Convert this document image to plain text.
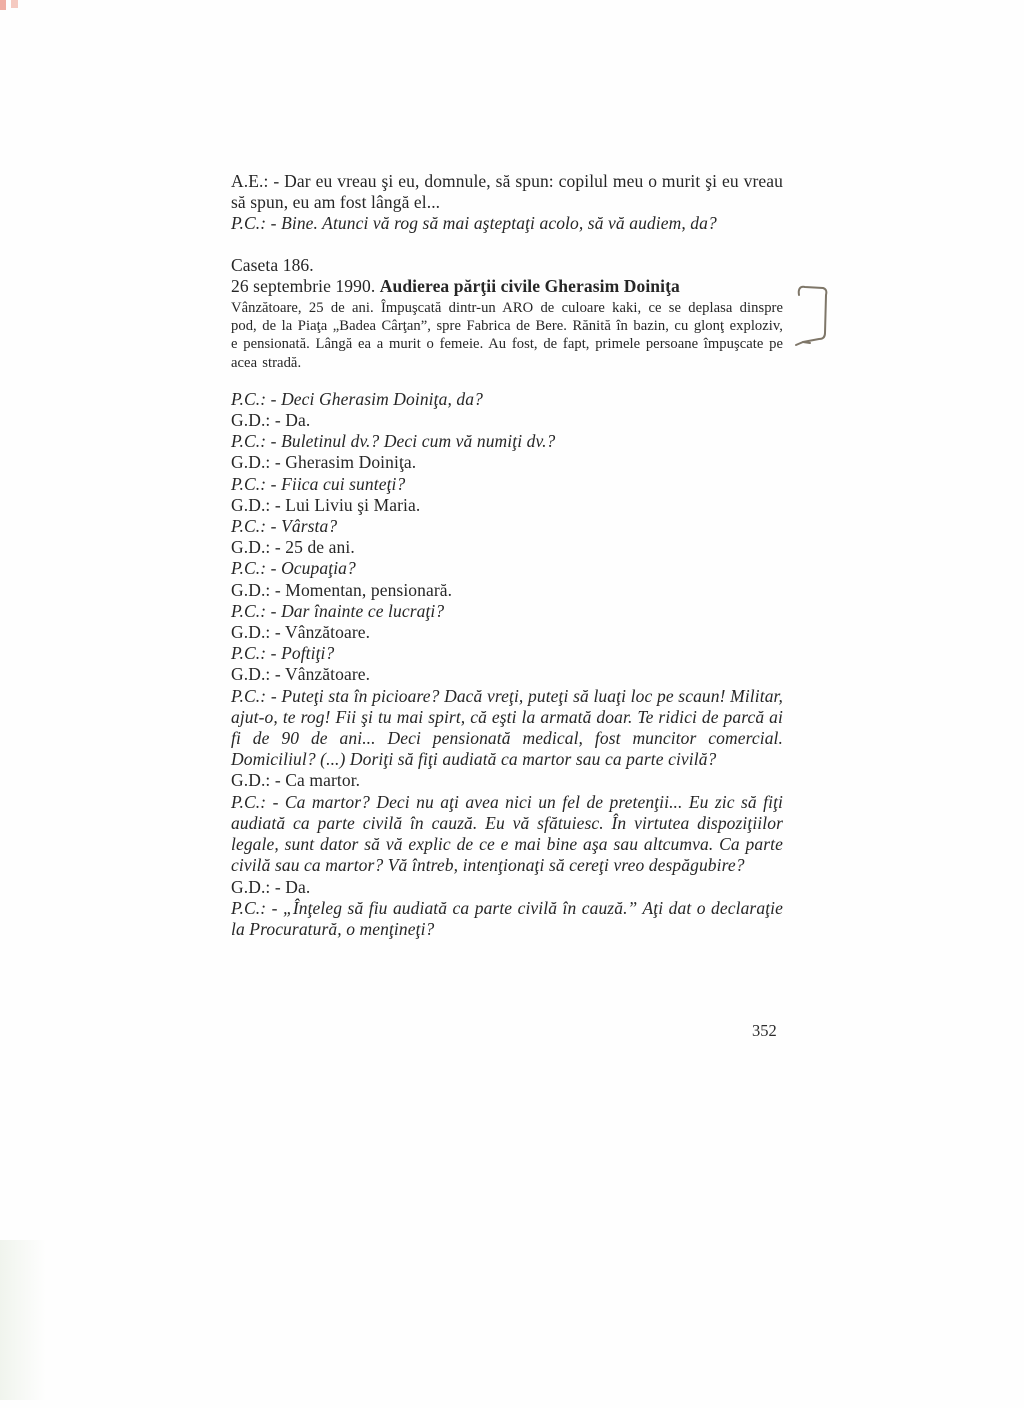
A.E.: - Dar eu vreau şi eu, domnule, să spun: copilul meu o murit şi eu vreau să spun, eu am fost lângă el...

P.C.: - Bine. Atunci vă rog să mai aşteptaţi acolo, să vă audiem, da?

Caseta 186.

26 septembrie 1990. Audierea părţii civile Gherasim Doiniţa

Vânzătoare, 25 de ani. Împuşcată dintr-un ARO de culoare kaki, ce se deplasa dinspre pod, de la Piaţa „Badea Cârţan”, spre Fabrica de Bere. Rănită în bazin, cu glonţ exploziv, e pensionată. Lângă ea a murit o femeie. Au fost, de fapt, primele persoane împuşcate pe acea stradă.

P.C.: - Deci Gherasim Doiniţa, da?

G.D.: - Da.

P.C.: - Buletinul dv.? Deci cum vă numiţi dv.?

G.D.: - Gherasim Doiniţa.

P.C.: - Fiica cui sunteţi?

G.D.: - Lui Liviu şi Maria.

P.C.: - Vârsta?

G.D.: - 25 de ani.

P.C.: - Ocupaţia?

G.D.: - Momentan, pensionară.

P.C.: - Dar înainte ce lucraţi?

G.D.: - Vânzătoare.

P.C.: - Poftiţi?

G.D.: - Vânzătoare.

P.C.: - Puteţi sta în picioare? Dacă vreţi, puteţi să luaţi loc pe scaun! Militar, ajut-o, te rog! Fii şi tu mai spirt, că eşti la armată doar. Te ridici de parcă ai fi de 90 de ani... Deci pensionată medical, fost muncitor comercial. Domiciliul? (...) Doriţi să fiţi audiată ca martor sau ca parte civilă?

G.D.: - Ca martor.

P.C.: - Ca martor? Deci nu aţi avea nici un fel de pretenţii... Eu zic să fiţi audiată ca parte civilă în cauză. Eu vă sfătuiesc. În virtutea dispoziţiilor legale, sunt dator să vă explic de ce e mai bine aşa sau altcumva. Ca parte civilă sau ca martor? Vă întreb, intenţionaţi să cereţi vreo despăgubire?

G.D.: - Da.

P.C.: - „Înţeleg să fiu audiată ca parte civilă în cauză.” Aţi dat o declaraţie la Procuratură, o menţineţi?

352
